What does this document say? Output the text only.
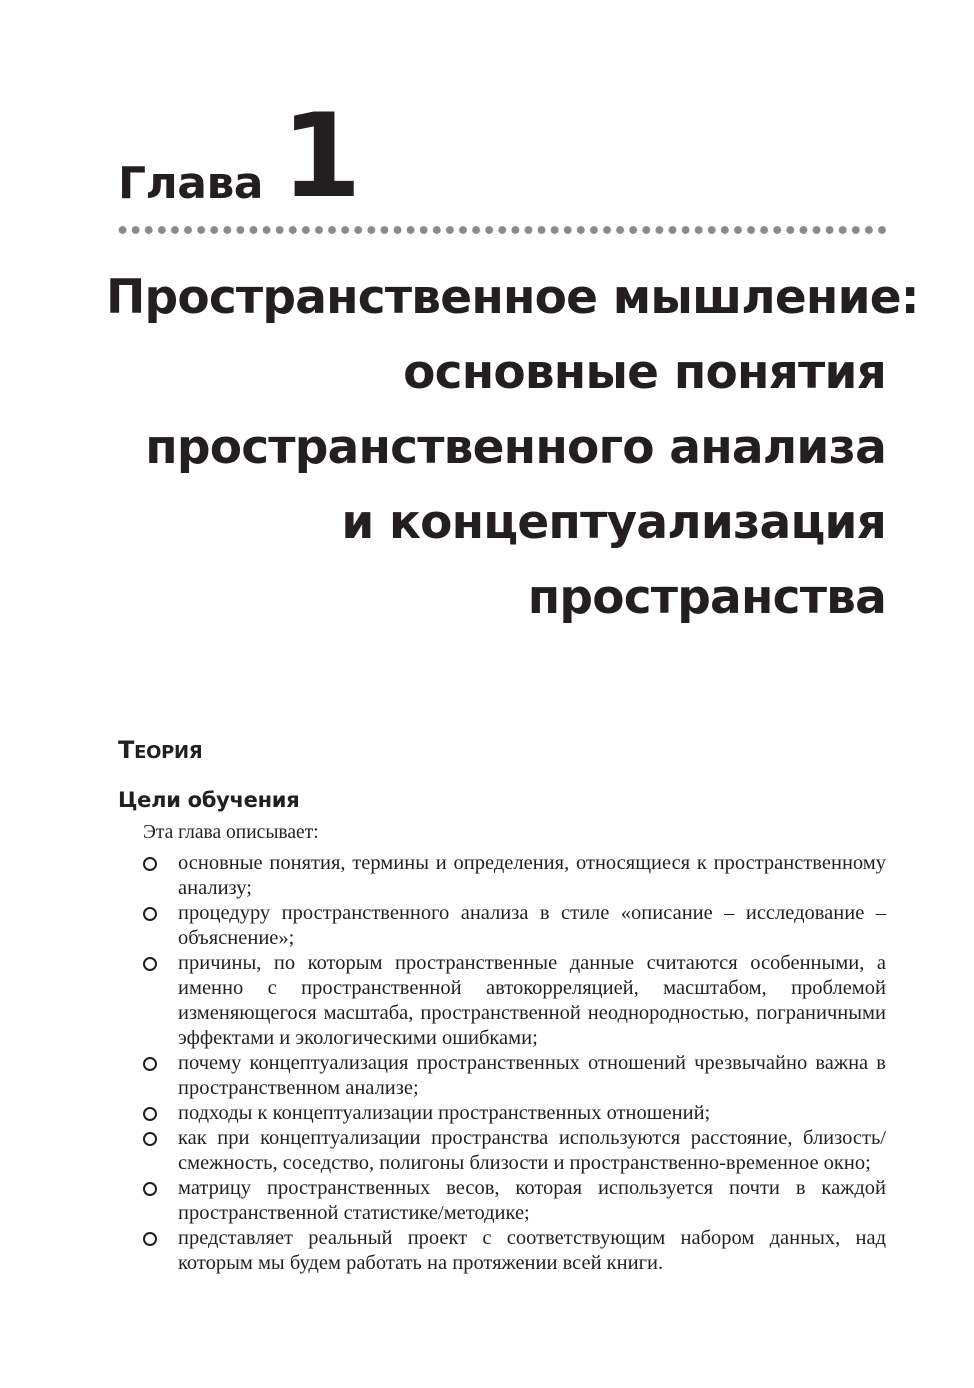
Глава 1
Пространственное мышление:
основные понятия
пространственного анализа
и концептуализация
пространства
ТЕОРИЯ
Цели обучения
Эта глава описывает:
основные понятия, термины и определения, относящиеся к пространственному анализу;
процедуру пространственного анализа в стиле «описание – исследование – объяснение»;
причины, по которым пространственные данные считаются особенными, а именно с пространственной автокорреляцией, масштабом, проблемой изменяющегося масштаба, пространственной неоднородностью, пограничными эффектами и экологическими ошибками;
почему концептуализация пространственных отношений чрезвычайно важна в пространственном анализе;
подходы к концептуализации пространственных отношений;
как при концептуализации пространства используются расстояние, близость/смежность, соседство, полигоны близости и пространственно-временное окно;
матрицу пространственных весов, которая используется почти в каждой пространственной статистике/методике;
представляет реальный проект с соответствующим набором данных, над которым мы будем работать на протяжении всей книги.
